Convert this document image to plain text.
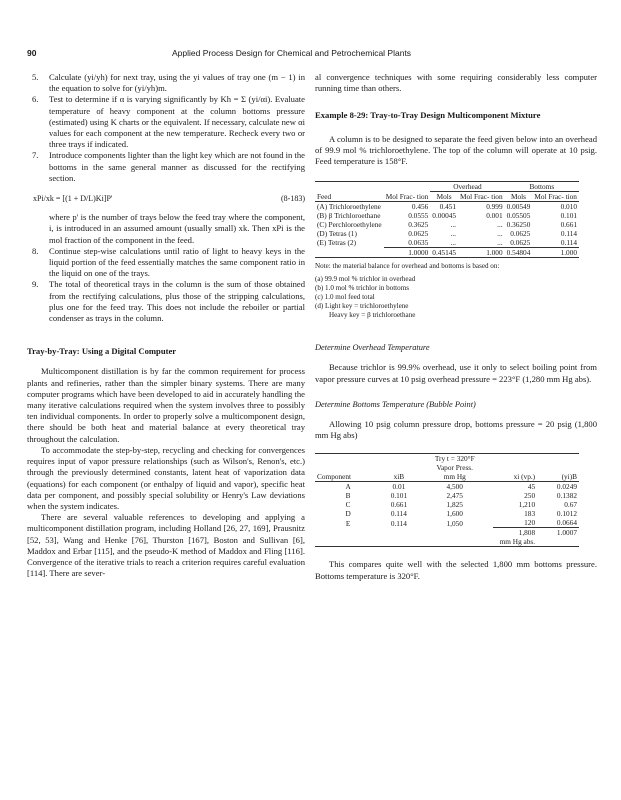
90	Applied Process Design for Chemical and Petrochemical Plants
5. Calculate (yi/yh) for next tray, using the yi values of tray one (m − 1) in the equation to solve for (yi/yh)m.
6. Test to determine if α is varying significantly by Kh = Σ (yi/αi). Evaluate temperature of heavy component at the column bottoms pressure (estimated) using K charts or the equivalent. If necessary, calculate new αi values for each component at the new temperature. Recheck every two or three trays if indicated.
7. Introduce components lighter than the light key which are not found in the bottoms in the same general manner as discussed for the rectifying section.
xPi/xk = [(1 + D/L)Ki]P'	(8-183)
where p' is the number of trays below the feed tray where the component, i, is introduced in an assumed amount (usually small) xk. Then xPi is the mol fraction of the component in the feed.
8. Continue step-wise calculations until ratio of light to heavy keys in the liquid portion of the feed essentially matches the same component ratio in the liquid on one of the trays.
9. The total of theoretical trays in the column is the sum of those obtained from the rectifying calculations, plus those of the stripping calculations, plus one for the feed tray. This does not include the reboiler or partial condenser as trays in the column.
Tray-by-Tray: Using a Digital Computer

Multicomponent distillation is by far the common requirement for process plants and refineries, rather than the simpler binary systems. There are many computer programs which have been developed to aid in accurately handling the many iterative calculations required when the system involves three to possibly ten individual components. In order to properly solve a multicomponent design, there should be both heat and material balance at every theoretical tray throughout the calculation.

To accommodate the step-by-step, recycling and checking for convergences requires input of vapor pressure relationships (such as Wilson's, Renon's, etc.) through the previously determined constants, latent heat of vaporization data (equations) for each component (or enthalpy of liquid and vapor), specific heat data per component, and possibly special solubility or Henry's Law deviations when the system indicates.

There are several valuable references to developing and applying a multicomponent distillation program, including Holland [26, 27, 169], Prausnitz [52, 53], Wang and Henke [76], Thurston [167], Boston and Sullivan [6], Maddox and Erbar [115], and the pseudo-K method of Maddox and Fling [116]. Convergence of the iterative trials to reach a criterion requires careful evaluation [114]. There are sever-

al convergence techniques with some requiring considerably less computer running time than others.

Example 8-29: Tray-to-Tray Design Multicomponent Mixture

A column is to be designed to separate the feed given below into an overhead of 99.9 mol % trichloroethylene. The top of the column will operate at 10 psig. Feed temperature is 158°F.

		Overhead		Bottoms	
Feed	Mol Frac- tion	Mols	Mol Frac- tion	Mols	Mol Frac- tion
(A) Trichloroethylene	0.456	0.451	0.999	0.00549	0.010
(B) β Trichloroethane	0.0555	0.00045	0.001	0.05505	0.101
(C) Perchloroethylene	0.3625	...	...	0.36250	0.661
(D) Tetras (1)	0.0625	...	...	0.0625	0.114
(E) Tetras (2)	0.0635	...	...	0.0625	0.114
	1.0000	0.45145	1.000	0.54804	1.000
Note: the material balance for overhead and bottoms is based on:
(a) 99.9 mol % trichlor in overhead
(b) 1.0 mol % trichlor in bottoms
(c) 1.0 mol feed total
(d) Light key = trichloroethylene
Heavy key = β trichloroethane
Determine Overhead Temperature

Because trichlor is 99.9% overhead, use it only to select boiling point from vapor pressure curves at 10 psig overhead pressure = 223°F (1,280 mm Hg abs).

Determine Bottoms Temperature (Bubble Point)

Allowing 10 psig column pressure drop, bottoms pressure = 20 psig (1,800 mm Hg abs)

		Try t = 320°F		
		Vapor Press.		
Component	xiB	mm Hg	xi (vp.)	(yi)B
A	0.01	4,500	45	0.0249
B	0.101	2,475	250	0.1382
C	0.661	1,825	1,210	0.67
D	0.114	1,600	183	0.1012
E	0.114	1,050	120	0.0664
			1,808	1.0007
		mm Hg abs.		

This compares quite well with the selected 1,800 mm bottoms pressure. Bottoms temperature is 320°F.
